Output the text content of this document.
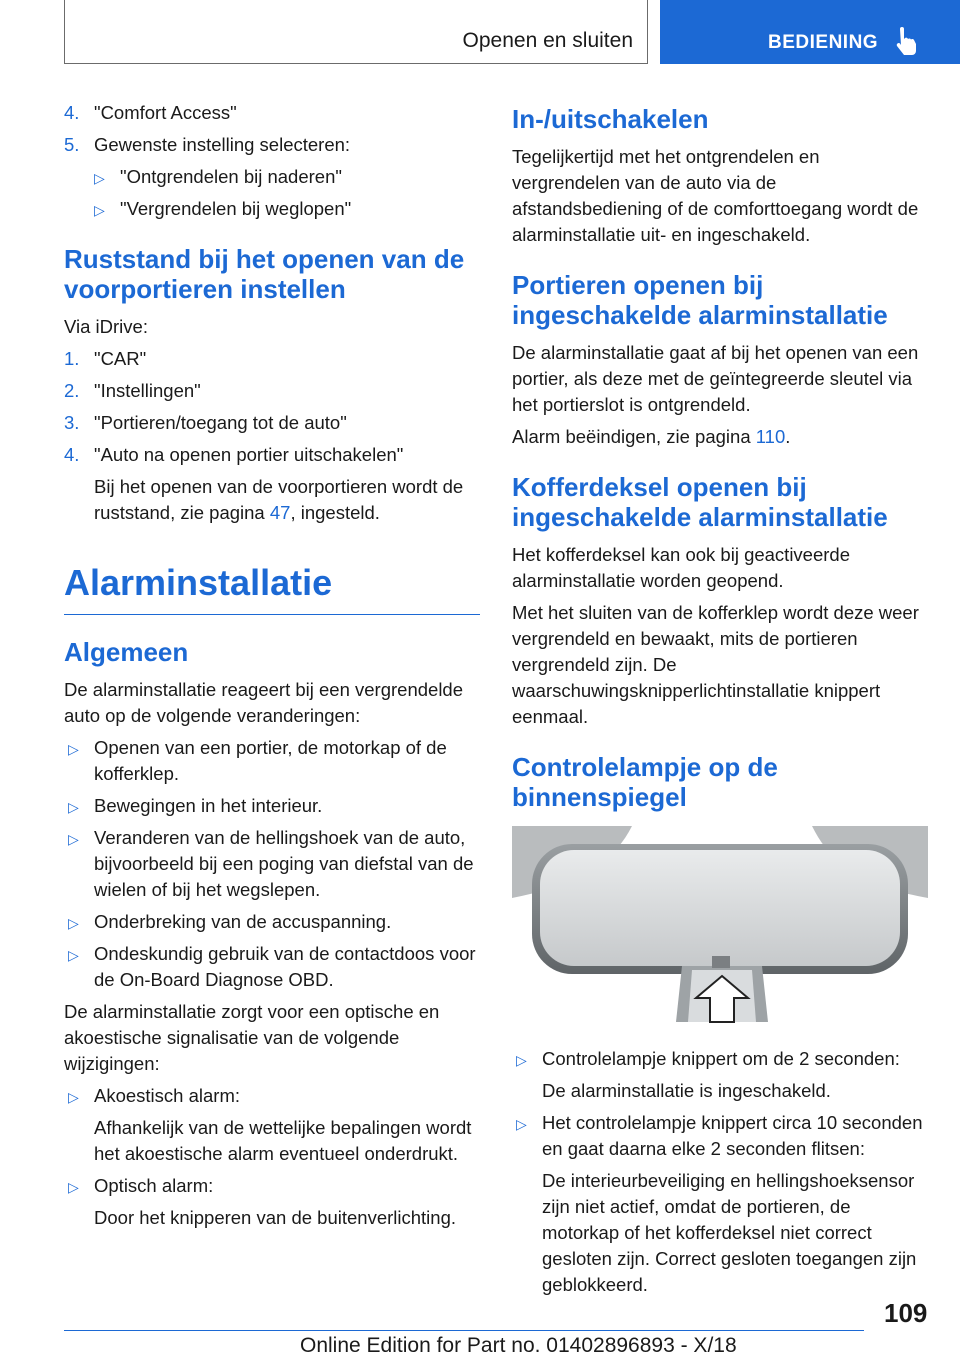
Openen en sluiten	BEDIENING
4. "Comfort Access"
5. Gewenste instelling selecteren:
▷ "Ontgrendelen bij naderen"
▷ "Vergrendelen bij weglopen"
Ruststand bij het openen van de voorportieren instellen

Via iDrive:

1. "CAR"
2. "Instellingen"
3. "Portieren/toegang tot de auto"
4. "Auto na openen portier uitschakelen"
Bij het openen van de voorportieren wordt de ruststand, zie pagina 47, ingesteld.
Alarminstallatie
Algemeen

De alarminstallatie reageert bij een vergrendelde auto op de volgende veranderingen:

▷ Openen van een portier, de motorkap of de kofferklep.
▷ Bewegingen in het interieur.
▷ Veranderen van de hellingshoek van de auto, bijvoorbeeld bij een poging van diefstal van de wielen of bij het wegslepen.
▷ Onderbreking van de accuspanning.
▷ Ondeskundig gebruik van de contactdoos voor de On-Board Diagnose OBD.

De alarminstallatie zorgt voor een optische en akoestische signalisatie van de volgende wijzigingen:

▷ Akoestisch alarm:
Afhankelijk van de wettelijke bepalingen wordt het akoestische alarm eventueel onderdrukt.
▷ Optisch alarm:
Door het knipperen van de buitenverlichting.
In-/uitschakelen

Tegelijkertijd met het ontgrendelen en vergrendelen van de auto via de afstandsbediening of de comforttoegang wordt de alarminstallatie uit- en ingeschakeld.

Portieren openen bij ingeschakelde alarminstallatie

De alarminstallatie gaat af bij het openen van een portier, als deze met de geïntegreerde sleutel via het portierslot is ontgrendeld.

Alarm beëindigen, zie pagina 110.

Kofferdeksel openen bij ingeschakelde alarminstallatie

Het kofferdeksel kan ook bij geactiveerde alarminstallatie worden geopend.

Met het sluiten van de kofferklep wordt deze weer vergrendeld en bewaakt, mits de portieren vergrendeld zijn. De waarschuwingsknipperlichtinstallatie knippert eenmaal.

Controlelampje op de binnenspiegel
▷ Controlelampje knippert om de 2 seconden:
De alarminstallatie is ingeschakeld.
▷ Het controlelampje knippert circa 10 seconden en gaat daarna elke 2 seconden flitsen:
De interieurbeveiliging en hellingshoeksensor zijn niet actief, omdat de portieren, de motorkap of het kofferdeksel niet correct gesloten zijn. Correct gesloten toegangen zijn geblokkeerd.
109
Online Edition for Part no. 01402896893 - X/18
